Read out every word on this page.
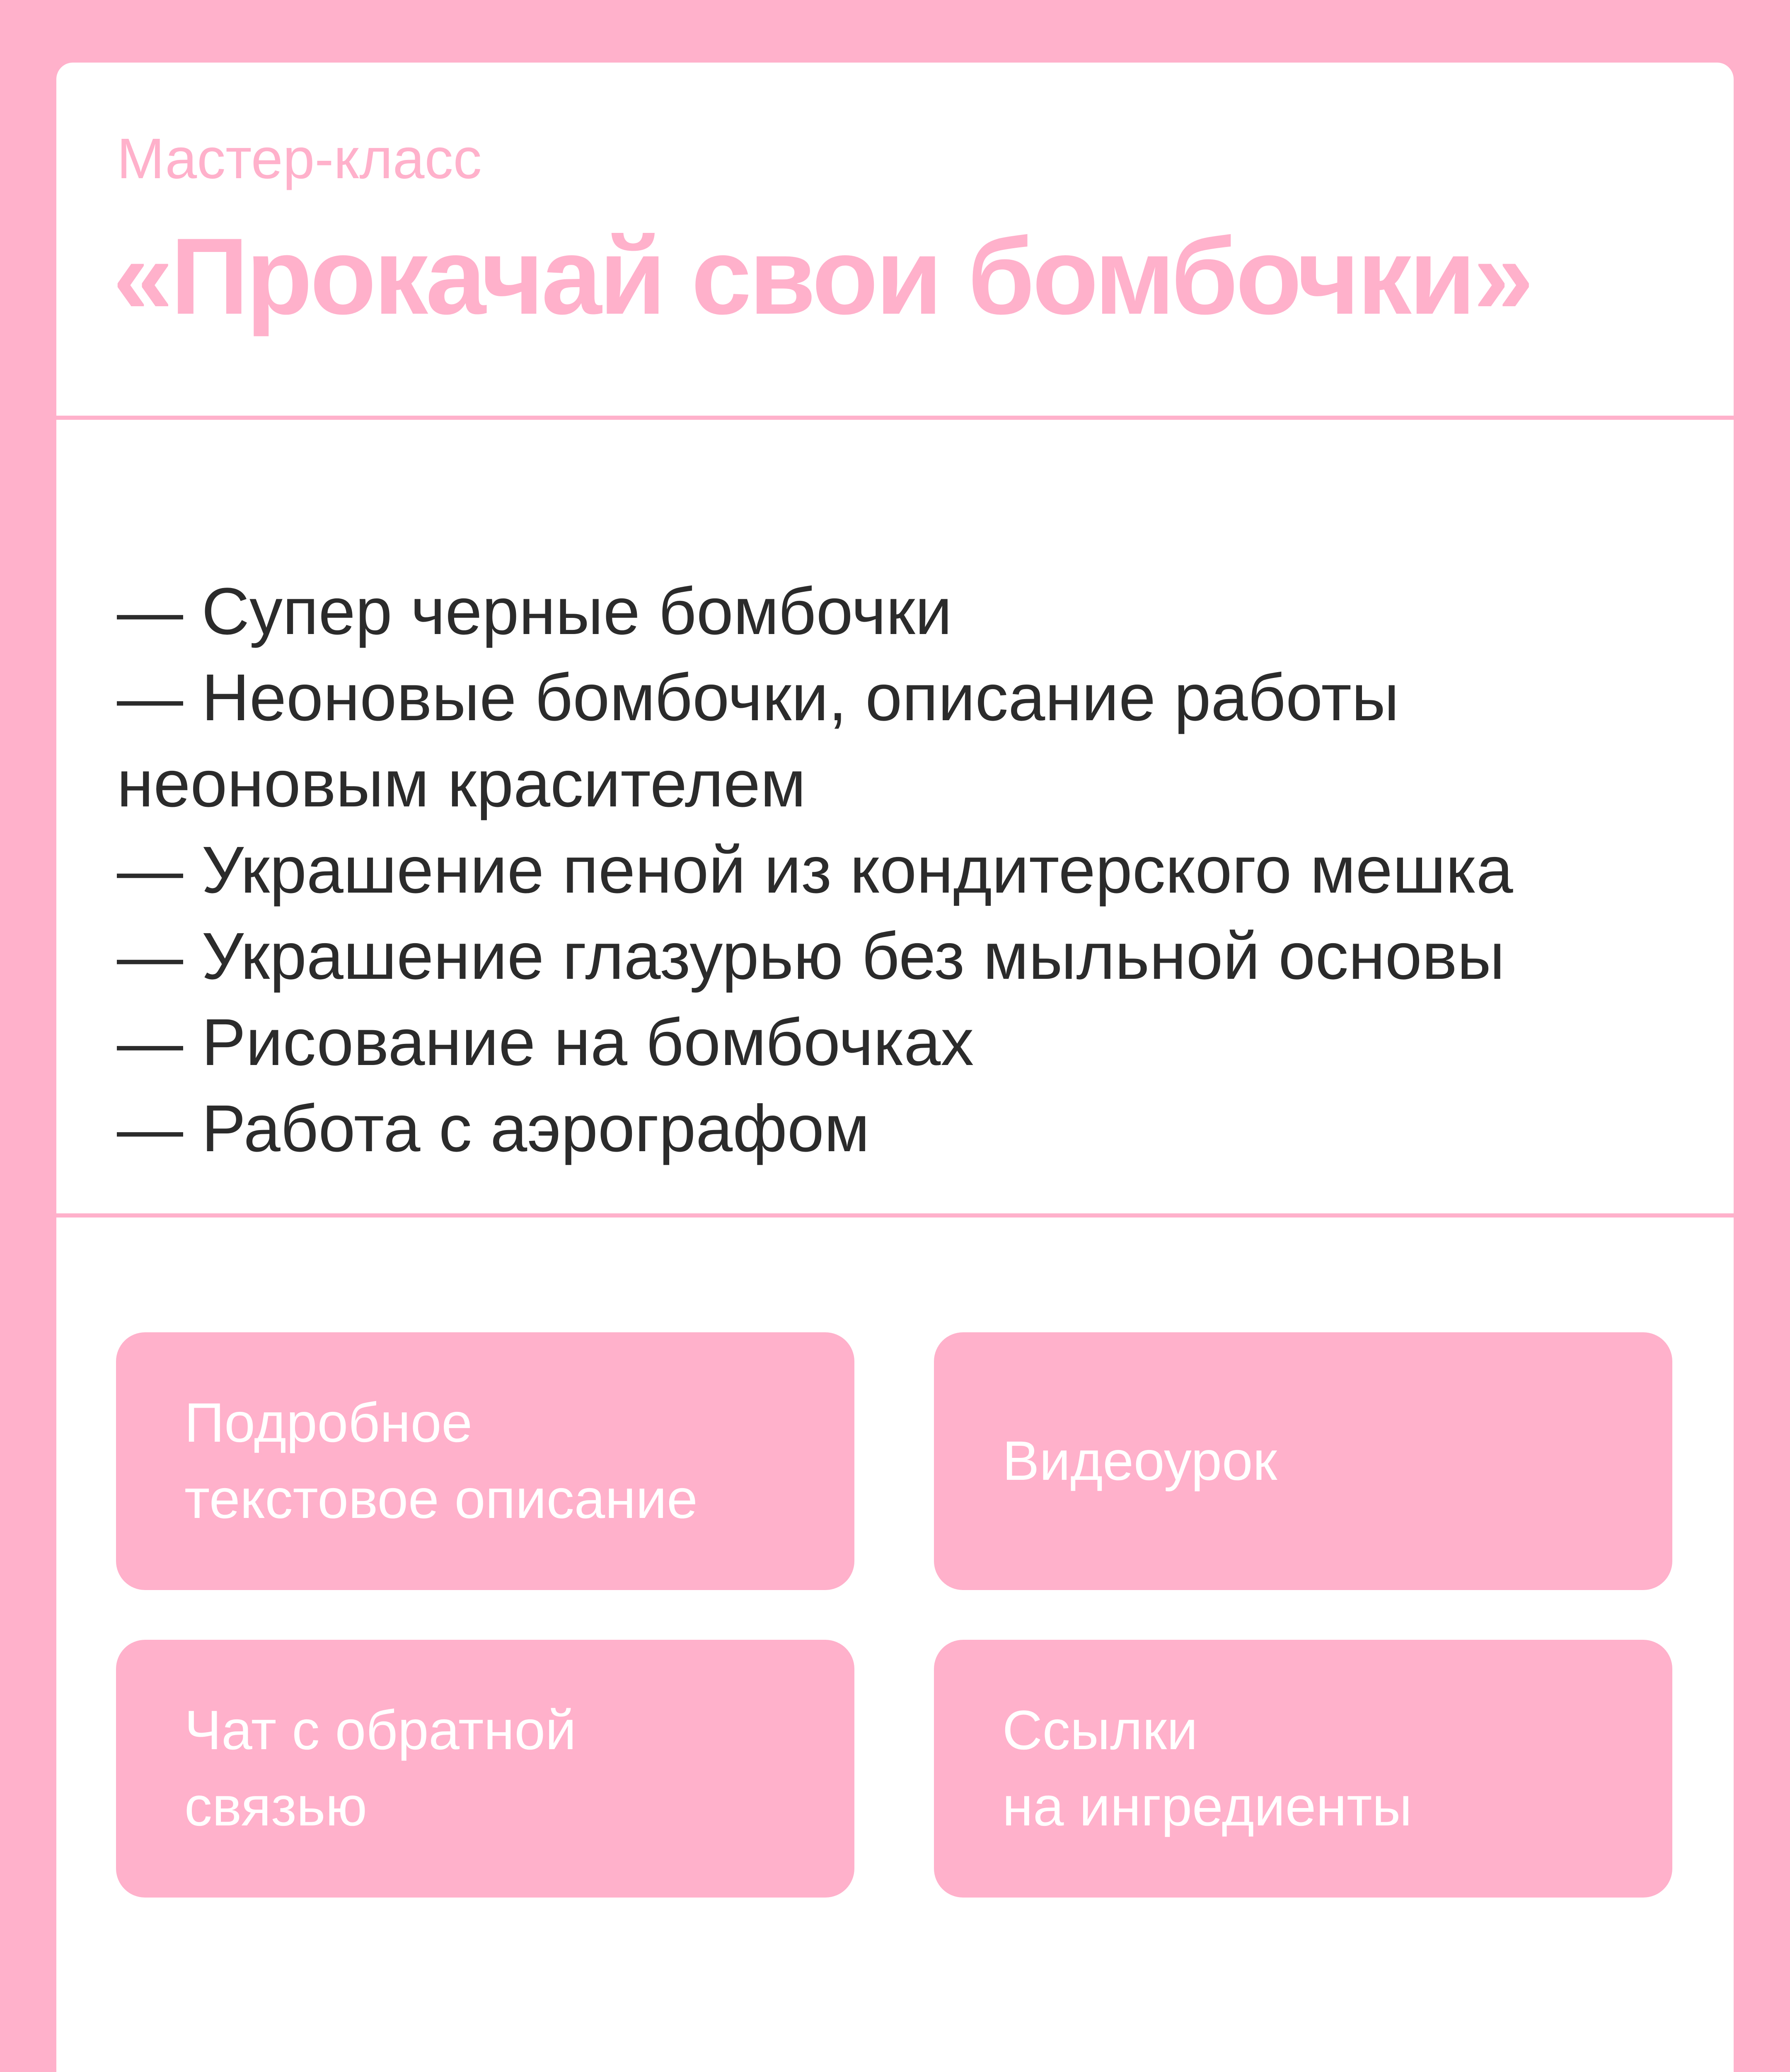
Мастер-класс
«Прокачай свои бомбочки»
— Супер черные бомбочки
— Неоновые бомбочки, описание работы
неоновым красителем
— Украшение пеной из кондитерского мешка
— Украшение глазурью без мыльной основы
— Рисование на бомбочках
— Работа с аэрографом
Подробное
текстовое описание
Видеоурок
Чат с обратной
связью
Ссылки
на ингредиенты
